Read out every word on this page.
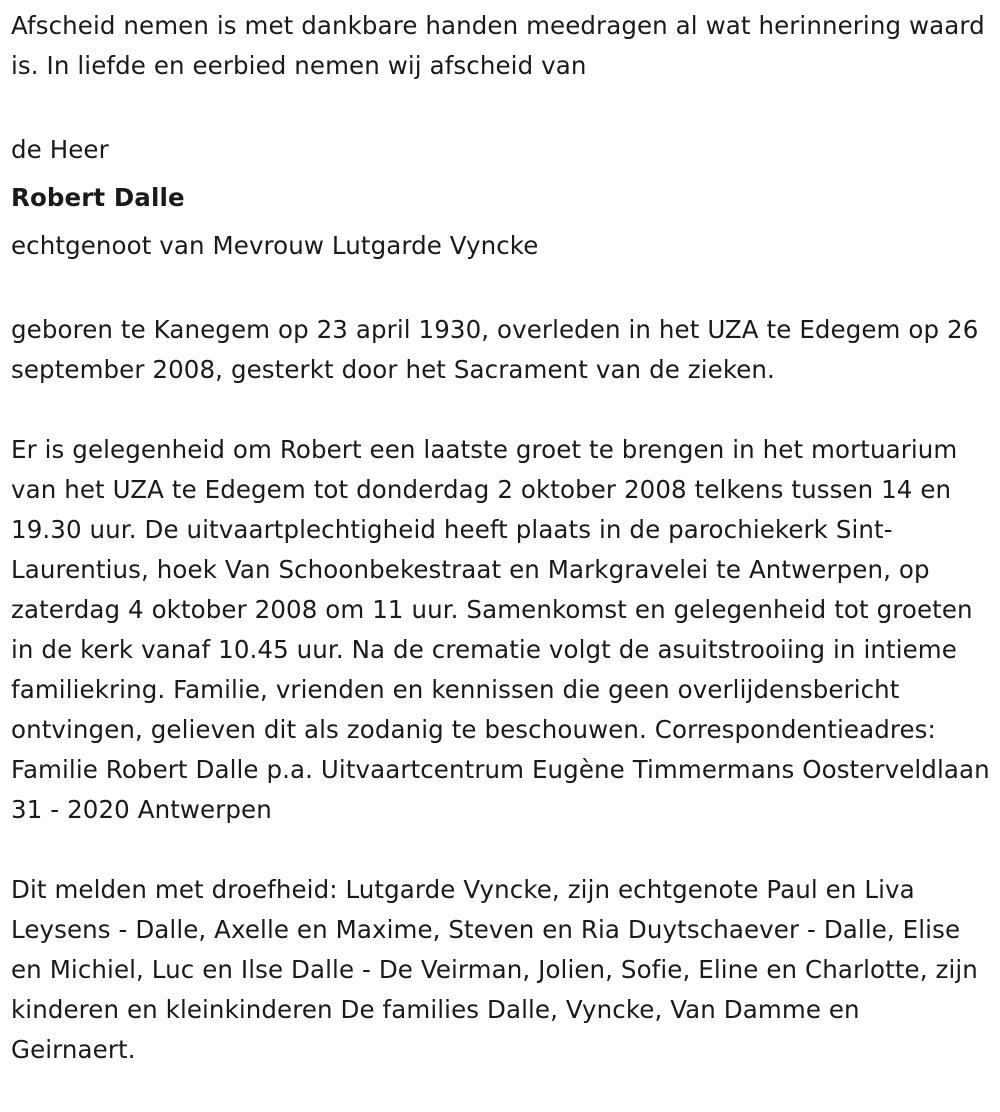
Afscheid nemen is met dankbare handen meedragen al wat herinnering waard is. In liefde en eerbied nemen wij afscheid van

de Heer

Robert Dalle

echtgenoot van Mevrouw Lutgarde Vyncke

geboren te Kanegem op 23 april 1930, overleden in het UZA te Edegem op 26 september 2008, gesterkt door het Sacrament van de zieken.

Er is gelegenheid om Robert een laatste groet te brengen in het mortuarium van het UZA te Edegem tot donderdag 2 oktober 2008 telkens tussen 14 en 19.30 uur. De uitvaartplechtigheid heeft plaats in de parochiekerk Sint-Laurentius, hoek Van Schoonbekestraat en Markgravelei te Antwerpen, op zaterdag 4 oktober 2008 om 11 uur. Samenkomst en gelegenheid tot groeten in de kerk vanaf 10.45 uur. Na de crematie volgt de asuitstrooiing in intieme familiekring. Familie, vrienden en kennissen die geen overlijdensbericht ontvingen, gelieven dit als zodanig te beschouwen. Correspondentieadres: Familie Robert Dalle p.a. Uitvaartcentrum Eugène Timmermans Oosterveldlaan 31 - 2020 Antwerpen

Dit melden met droefheid: Lutgarde Vyncke, zijn echtgenote Paul en Liva Leysens - Dalle, Axelle en Maxime, Steven en Ria Duytschaever - Dalle, Elise en Michiel, Luc en Ilse Dalle - De Veirman, Jolien, Sofie, Eline en Charlotte, zijn kinderen en kleinkinderen De families Dalle, Vyncke, Van Damme en Geirnaert.
